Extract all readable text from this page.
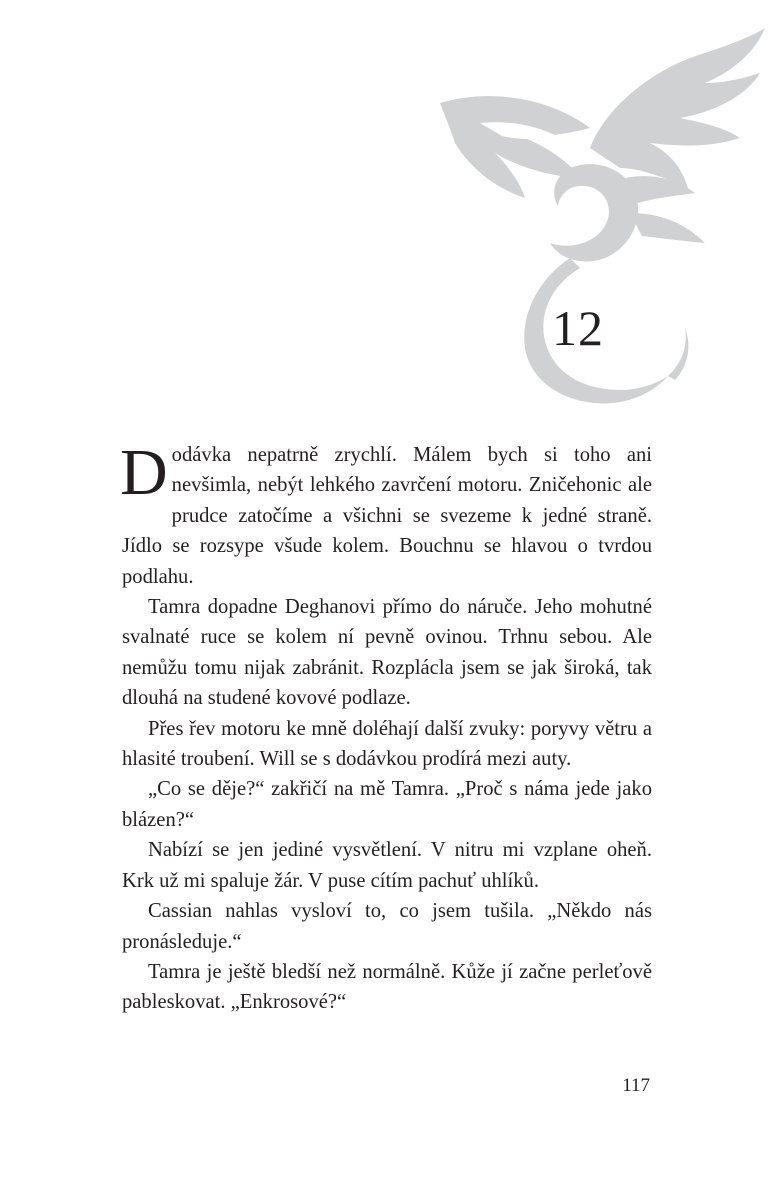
12

Dodávka nepatrně zrychlí. Málem bych si toho ani nevšimla, nebýt lehkého zavrčení motoru. Zničehonic ale prudce zatočíme a všichni se svezeme k jedné straně. Jídlo se rozsype všude kolem. Bouchnu se hlavou o tvrdou podlahu.

Tamra dopadne Deghanovi přímo do náruče. Jeho mohutné svalnaté ruce se kolem ní pevně ovinou. Trhnu sebou. Ale nemůžu tomu nijak zabránit. Rozplácla jsem se jak široká, tak dlouhá na studené kovové podlaze.

Přes řev motoru ke mně doléhají další zvuky: poryvy větru a hlasité troubení. Will se s dodávkou prodírá mezi auty.

„Co se děje?“ zakřičí na mě Tamra. „Proč s náma jede jako blázen?“

Nabízí se jen jediné vysvětlení. V nitru mi vzplane oheň. Krk už mi spaluje žár. V puse cítím pachuť uhlíků.

Cassian nahlas vysloví to, co jsem tušila. „Někdo nás pronásleduje.“

Tamra je ještě bledší než normálně. Kůže jí začne perleťově pableskovat. „Enkrosové?“

117
